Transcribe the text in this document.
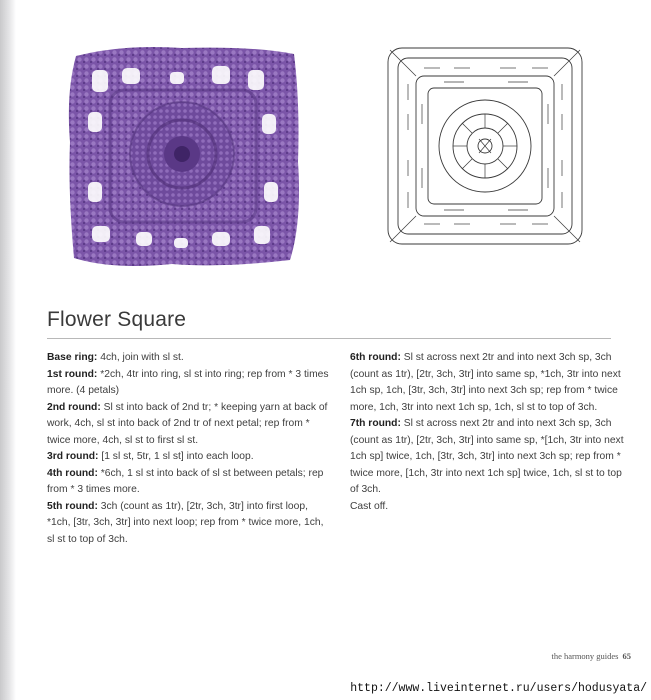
Flower Square

Base ring: 4ch, join with sl st.

1st round: *2ch, 4tr into ring, sl st into ring; rep from * 3 times more. (4 petals)

2nd round: Sl st into back of 2nd tr; * keeping yarn at back of work, 4ch, sl st into back of 2nd tr of next petal; rep from * twice more, 4ch, sl st to first sl st.

3rd round: [1 sl st, 5tr, 1 sl st] into each loop.

4th round: *6ch, 1 sl st into back of sl st between petals; rep from * 3 times more.

5th round: 3ch (count as 1tr), [2tr, 3ch, 3tr] into first loop, *1ch, [3tr, 3ch, 3tr] into next loop; rep from * twice more, 1ch, sl st to top of 3ch.

6th round: Sl st across next 2tr and into next 3ch sp, 3ch (count as 1tr), [2tr, 3ch, 3tr] into same sp, *1ch, 3tr into next 1ch sp, 1ch, [3tr, 3ch, 3tr] into next 3ch sp; rep from * twice more, 1ch, 3tr into next 1ch sp, 1ch, sl st to top of 3ch.

7th round: Sl st across next 2tr and into next 3ch sp, 3ch (count as 1tr), [2tr, 3ch, 3tr] into same sp, *[1ch, 3tr into next 1ch sp] twice, 1ch, [3tr, 3ch, 3tr] into next 3ch sp; rep from * twice more, [1ch, 3tr into next 1ch sp] twice, 1ch, sl st to top of 3ch.

Cast off.

the harmony guides 65
http://www.liveinternet.ru/users/hodusyata/
